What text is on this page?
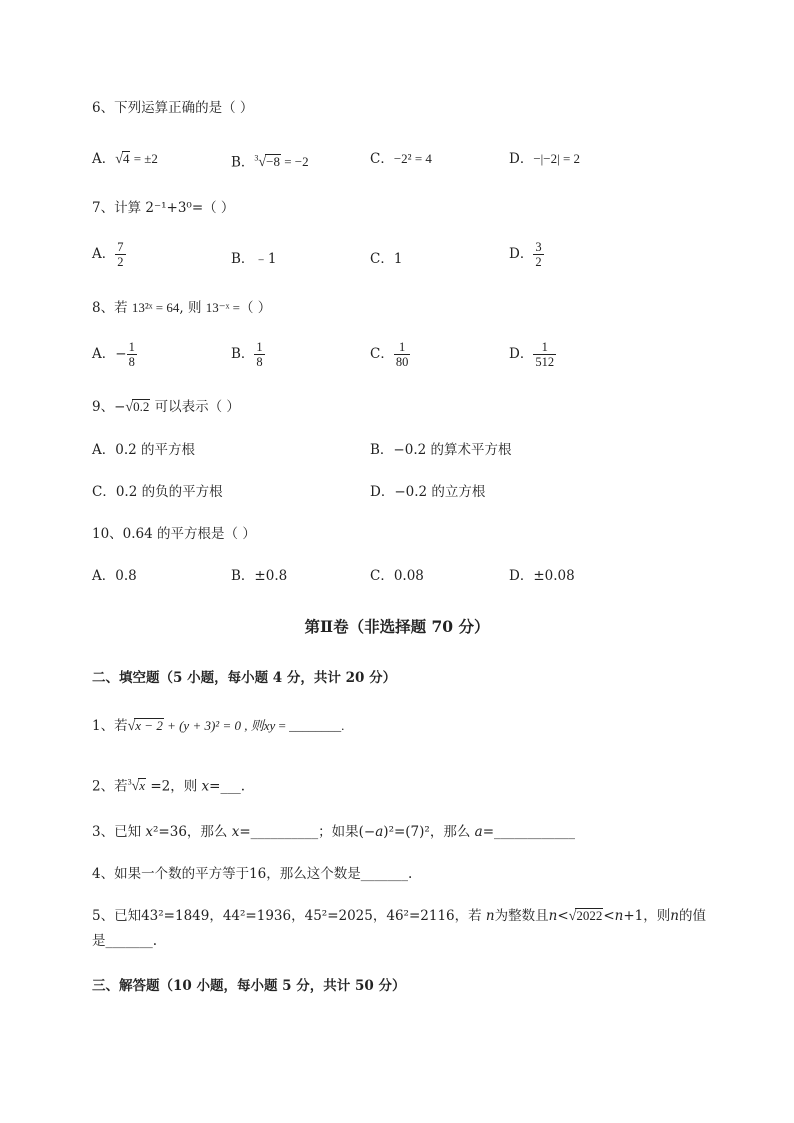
6、下列运算正确的是（ ）
A．√4 = ±2	B．$^3$√−8 = −2	C．−2² = 4	D．−|−2| = 2
7、计算 2⁻¹+3⁰=（ ）
A． $\frac{7}{2}$	B．﹣1	C．1	D． $\frac{3}{2}$
8、若 13²ˣ = 64, 则 13⁻ˣ =（ ）
A．− $\frac{1}{8}$	B． $\frac{1}{8}$	C． $\frac{1}{80}$	D． $\frac{1}{512}$
9、−√0.2 可以表示（ ）
A．0.2 的平方根	B．−0.2 的算术平方根
C．0.2 的负的平方根	D．−0.2 的立方根
10、0.64 的平方根是（ ）
A．0.8	B．±0.8	C．0.08	D．±0.08
第Ⅱ卷（非选择题 70 分）
二、填空题（5 小题，每小题 4 分，共计 20 分）
1、若√x − 2 + (y + 3)² = 0 , 则xy = ________.
2、若$^3$√x =2，则 x=___.
3、已知 x²=36，那么 x=__________；如果(−a)²=(7)²，那么 a=____________
4、如果一个数的平方等于16，那么这个数是_______.
5、已知43²=1849，44²=1936，45²=2025，46²=2116，若 n为整数且n<√2022<n+1，则n的值
是_______.
三、解答题（10 小题，每小题 5 分，共计 50 分）
